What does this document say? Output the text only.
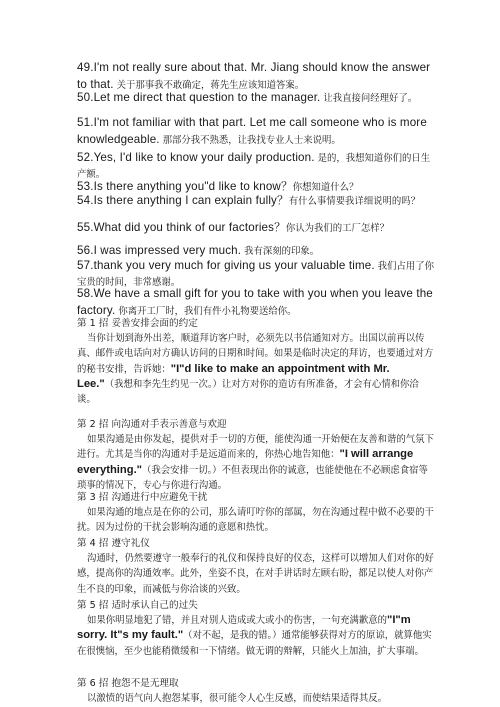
49.I'm not really sure about that. Mr. Jiang should know the answer to that. 关于那事我不敢确定，蒋先生应该知道答案。
50.Let me direct that question to the manager. 让我直接问经理好了。
51.I'm not familiar with that part. Let me call someone who is more knowledgeable. 那部分我不熟悉，让我找专业人士来说明。
52.Yes, I'd like to know your daily production. 是的，我想知道你们的日生产额。
53.Is there anything you"d like to know？你想知道什么？
54.Is there anything I can explain fully？有什么事情要我详细说明的吗？
55.What did you think of our factories？你认为我们的工厂怎样？
56.I was impressed very much. 我有深刻的印象。
57.thank you very much for giving us your valuable time. 我们占用了你宝贵的时间，非常感谢。
58.We have a small gift for you to take with you when you leave the factory. 你离开工厂时，我们有件小礼物要送给你。
第 1 招 妥善安排会面的约定
当你计划到海外出差，顺道拜访客户时，必须先以书信通知对方。出国以前再以传真、邮件或电话向对方确认访问的日期和时间。如果是临时决定的拜访，也要通过对方的秘书安排，告诉她："I"d like to make an appointment with Mr. Lee."（我想和李先生约见一次。）让对方对你的造访有所准备，才会有心情和你洽谈。
第 2 招 向沟通对手表示善意与欢迎
如果沟通是由你发起，提供对手一切的方便，能使沟通一开始便在友善和谐的气氛下进行。尤其是当你的沟通对手是远道而来的，你热心地告知他："I will arrange everything."（我会安排一切。）不但表现出你的诚意，也能使他在不必顾虑食宿等琐事的情况下，专心与你进行沟通。
第 3 招 沟通进行中应避免干扰
如果沟通的地点是在你的公司，那么请叮咛你的部属，勿在沟通过程中做不必要的干扰。因为过份的干扰会影响沟通的意愿和热忱。
第 4 招 遵守礼仪
沟通时，仍然要遵守一般奉行的礼仪和保持良好的仪态，这样可以增加人们对你的好感，提高你的沟通效率。此外，坐姿不良，在对手讲话时左顾右盼，都足以使人对你产生不良的印象，而减低与你洽谈的兴致。
第 5 招 适时承认自己的过失
如果你明显地犯了错，并且对别人造成或大或小的伤害，一句充满歉意的"I"m sorry. It"s my fault."（对不起，是我的错。）通常能够获得对方的原谅，就算他实在很懊恼，至少也能稍微缓和一下情绪。做无谓的辩解，只能火上加油，扩大事端。
第 6 招 抱怨不是无理取
以激愤的语气向人抱怨某事，很可能令人心生反感，而使结果适得其反。
